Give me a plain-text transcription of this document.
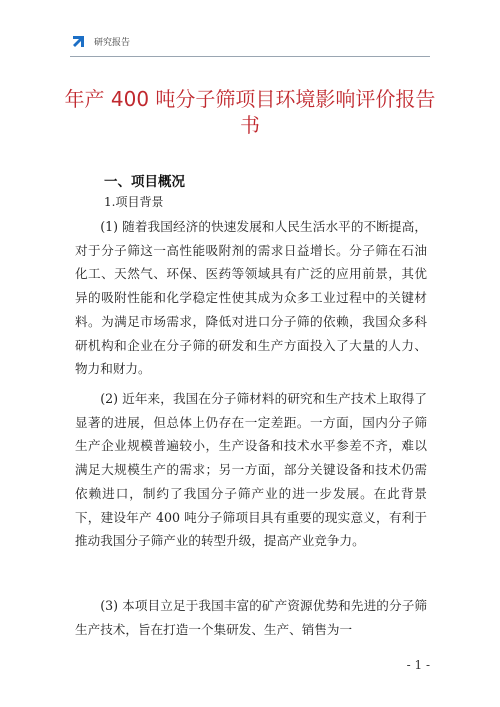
研究报告
年产 400 吨分子筛项目环境影响评价报告书
一、项目概况
1.项目背景

(1) 随着我国经济的快速发展和人民生活水平的不断提高，对于分子筛这一高性能吸附剂的需求日益增长。分子筛在石油化工、天然气、环保、医药等领域具有广泛的应用前景，其优异的吸附性能和化学稳定性使其成为众多工业过程中的关键材料。为满足市场需求，降低对进口分子筛的依赖，我国众多科研机构和企业在分子筛的研发和生产方面投入了大量的人力、物力和财力。

(2) 近年来，我国在分子筛材料的研究和生产技术上取得了显著的进展，但总体上仍存在一定差距。一方面，国内分子筛生产企业规模普遍较小，生产设备和技术水平参差不齐，难以满足大规模生产的需求；另一方面，部分关键设备和技术仍需依赖进口，制约了我国分子筛产业的进一步发展。在此背景下，建设年产 400 吨分子筛项目具有重要的现实意义，有利于推动我国分子筛产业的转型升级，提高产业竞争力。

(3) 本项目立足于我国丰富的矿产资源优势和先进的分子筛生产技术，旨在打造一个集研发、生产、销售为一

- 1 -
